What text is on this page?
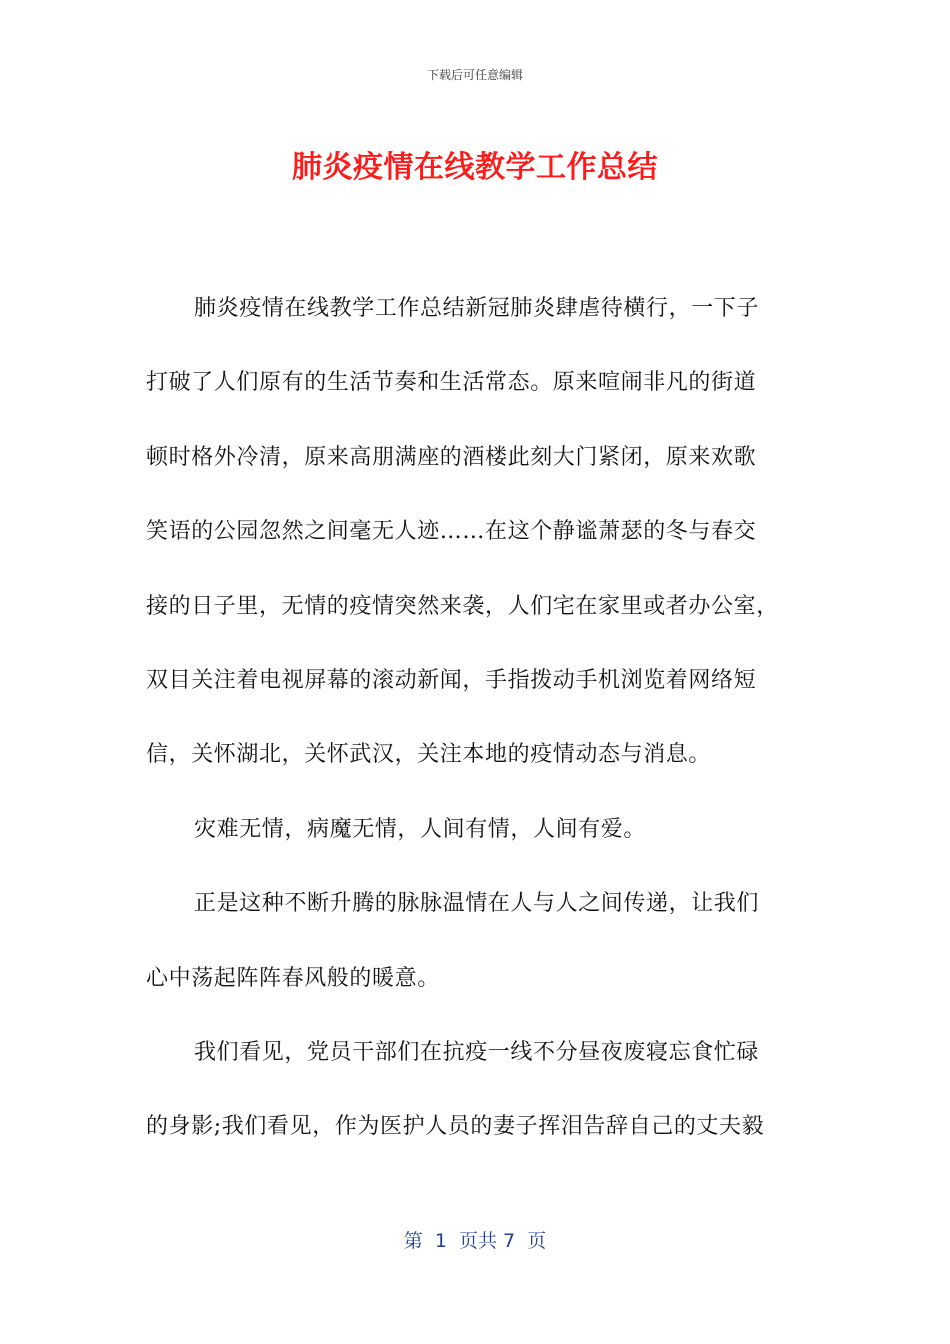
下载后可任意编辑
肺炎疫情在线教学工作总结

肺炎疫情在线教学工作总结新冠肺炎肆虐待横行，一下子
打破了人们原有的生活节奏和生活常态。原来喧闹非凡的街道
顿时格外冷清，原来高朋满座的酒楼此刻大门紧闭，原来欢歌
笑语的公园忽然之间毫无人迹……在这个静谧萧瑟的冬与春交
接的日子里，无情的疫情突然来袭，人们宅在家里或者办公室，
双目关注着电视屏幕的滚动新闻，手指拨动手机浏览着网络短
信，关怀湖北，关怀武汉，关注本地的疫情动态与消息。

灾难无情，病魔无情，人间有情，人间有爱。

正是这种不断升腾的脉脉温情在人与人之间传递，让我们
心中荡起阵阵春风般的暖意。

我们看见，党员干部们在抗疫一线不分昼夜废寝忘食忙碌
的身影;我们看见，作为医护人员的妻子挥泪告辞自己的丈夫毅

第  1  页共 7  页
